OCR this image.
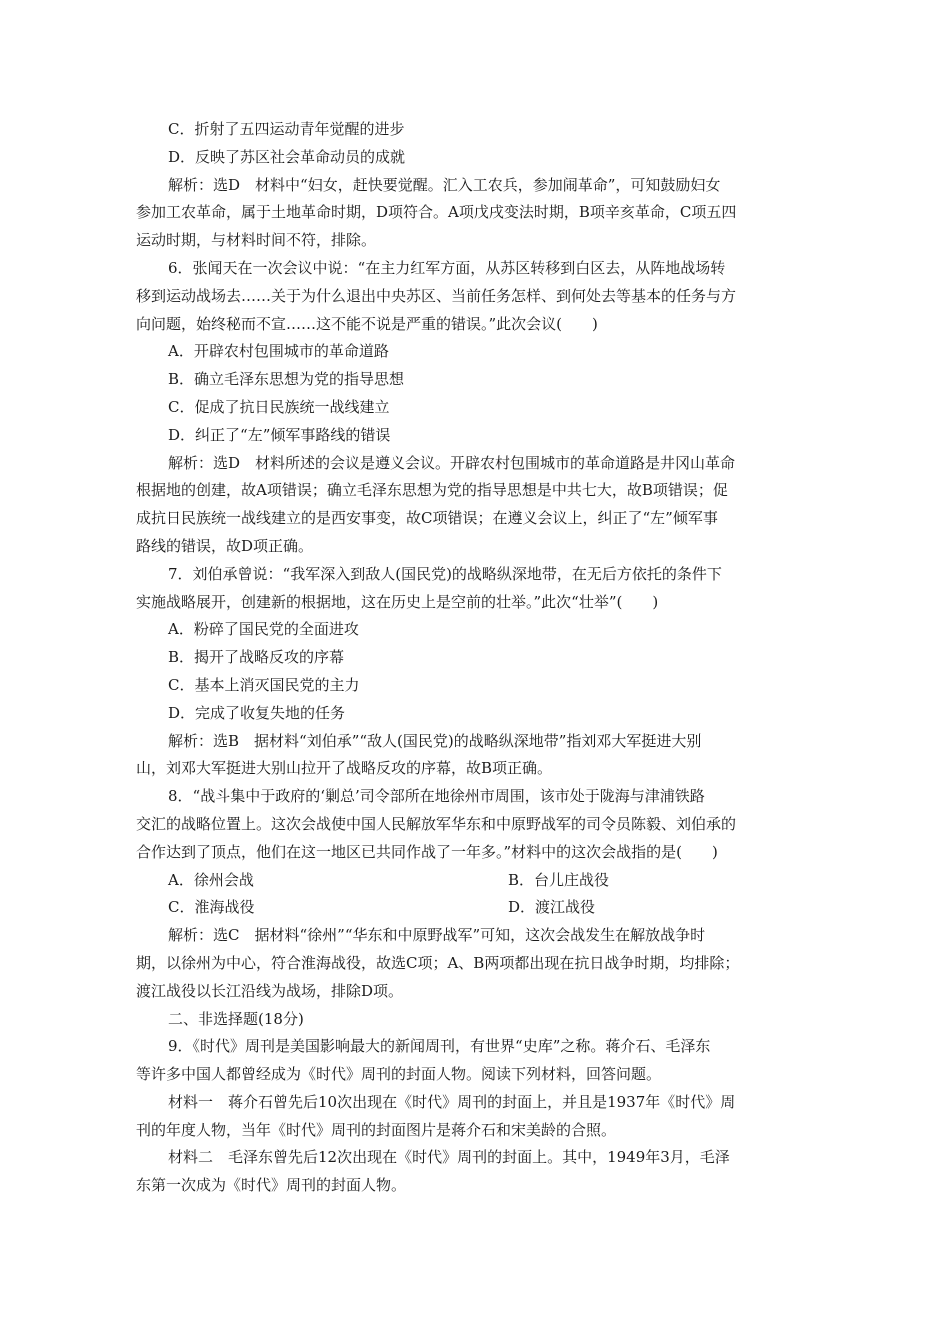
C．折射了五四运动青年觉醒的进步
D．反映了苏区社会革命动员的成就
解析：选D　材料中“妇女，赶快要觉醒。汇入工农兵，参加闹革命”，可知鼓励妇女
参加工农革命，属于土地革命时期，D项符合。A项戊戌变法时期，B项辛亥革命，C项五四
运动时期，与材料时间不符，排除。
6．张闻天在一次会议中说：“在主力红军方面，从苏区转移到白区去，从阵地战场转
移到运动战场去……关于为什么退出中央苏区、当前任务怎样、到何处去等基本的任务与方
向问题，始终秘而不宣……这不能不说是严重的错误。”此次会议(　　)
A．开辟农村包围城市的革命道路
B．确立毛泽东思想为党的指导思想
C．促成了抗日民族统一战线建立
D．纠正了“左”倾军事路线的错误
解析：选D　材料所述的会议是遵义会议。开辟农村包围城市的革命道路是井冈山革命
根据地的创建，故A项错误；确立毛泽东思想为党的指导思想是中共七大，故B项错误；促
成抗日民族统一战线建立的是西安事变，故C项错误；在遵义会议上，纠正了“左”倾军事
路线的错误，故D项正确。
7．刘伯承曾说：“我军深入到敌人(国民党)的战略纵深地带，在无后方依托的条件下
实施战略展开，创建新的根据地，这在历史上是空前的壮举。”此次“壮举”(　　)
A．粉碎了国民党的全面进攻
B．揭开了战略反攻的序幕
C．基本上消灭国民党的主力
D．完成了收复失地的任务
解析：选B　据材料“刘伯承”“敌人(国民党)的战略纵深地带”指刘邓大军挺进大别
山，刘邓大军挺进大别山拉开了战略反攻的序幕，故B项正确。
8．“战斗集中于政府的‘剿总’司令部所在地徐州市周围，该市处于陇海与津浦铁路
交汇的战略位置上。这次会战使中国人民解放军华东和中原野战军的司令员陈毅、刘伯承的
合作达到了顶点，他们在这一地区已共同作战了一年多。”材料中的这次会战指的是(　　)
A．徐州会战	B．台儿庄战役
C．淮海战役	D．渡江战役
解析：选C　据材料“徐州”“华东和中原野战军”可知，这次会战发生在解放战争时
期，以徐州为中心，符合淮海战役，故选C项；A、B两项都出现在抗日战争时期，均排除；
渡江战役以长江沿线为战场，排除D项。
二、非选择题(18分)
9．《时代》周刊是美国影响最大的新闻周刊，有世界“史库”之称。蒋介石、毛泽东
等许多中国人都曾经成为《时代》周刊的封面人物。阅读下列材料，回答问题。
材料一　蒋介石曾先后10次出现在《时代》周刊的封面上，并且是1937年《时代》周
刊的年度人物，当年《时代》周刊的封面图片是蒋介石和宋美龄的合照。
材料二　毛泽东曾先后12次出现在《时代》周刊的封面上。其中，1949年3月，毛泽
东第一次成为《时代》周刊的封面人物。
